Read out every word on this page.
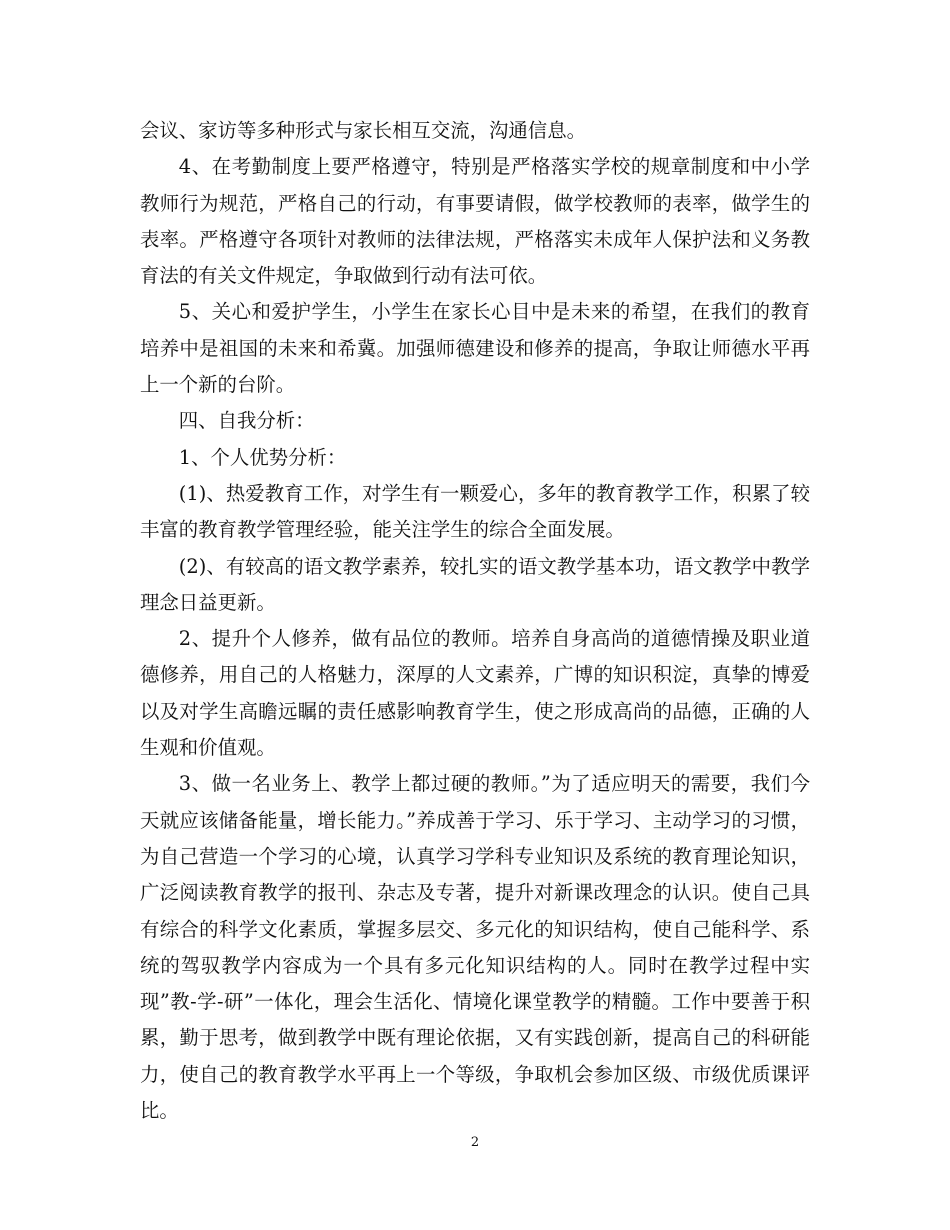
会议、家访等多种形式与家长相互交流，沟通信息。

4、在考勤制度上要严格遵守，特别是严格落实学校的规章制度和中小学教师行为规范，严格自己的行动，有事要请假，做学校教师的表率，做学生的表率。严格遵守各项针对教师的法律法规，严格落实未成年人保护法和义务教育法的有关文件规定，争取做到行动有法可依。

5、关心和爱护学生，小学生在家长心目中是未来的希望，在我们的教育培养中是祖国的未来和希冀。加强师德建设和修养的提高，争取让师德水平再上一个新的台阶。

四、自我分析：

1、个人优势分析：

(1)、热爱教育工作，对学生有一颗爱心，多年的教育教学工作，积累了较丰富的教育教学管理经验，能关注学生的综合全面发展。

(2)、有较高的语文教学素养，较扎实的语文教学基本功，语文教学中教学理念日益更新。

2、提升个人修养，做有品位的教师。培养自身高尚的道德情操及职业道德修养，用自己的人格魅力，深厚的人文素养，广博的知识积淀，真挚的博爱以及对学生高瞻远瞩的责任感影响教育学生，使之形成高尚的品德，正确的人生观和价值观。

3、做一名业务上、教学上都过硬的教师。”为了适应明天的需要，我们今天就应该储备能量，增长能力。”养成善于学习、乐于学习、主动学习的习惯，为自己营造一个学习的心境，认真学习学科专业知识及系统的教育理论知识，广泛阅读教育教学的报刊、杂志及专著，提升对新课改理念的认识。使自己具有综合的科学文化素质，掌握多层交、多元化的知识结构，使自己能科学、系统的驾驭教学内容成为一个具有多元化知识结构的人。同时在教学过程中实现”教-学-研”一体化，理会生活化、情境化课堂教学的精髓。工作中要善于积累，勤于思考，做到教学中既有理论依据，又有实践创新，提高自己的科研能力，使自己的教育教学水平再上一个等级，争取机会参加区级、市级优质课评比。

2
